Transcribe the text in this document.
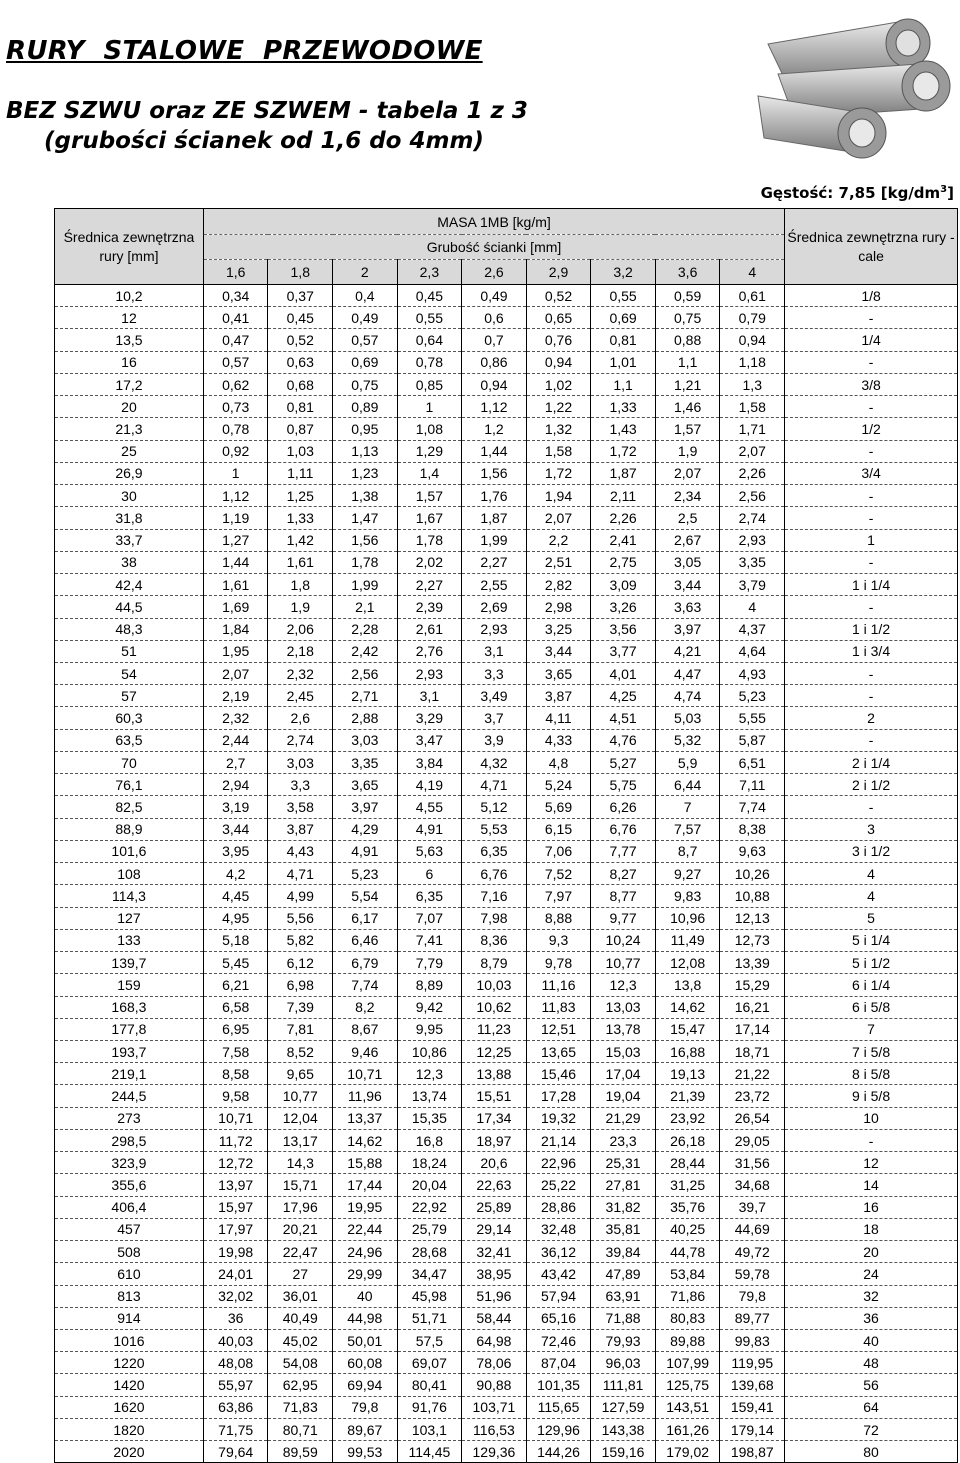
RURY  STALOWE  PRZEWODOWE
BEZ SZWU oraz ZE SZWEM - tabela 1 z 3
(grubości ścianek od 1,6 do 4mm)
Gęstość: 7,85 $[kg/dm^3]$
Średnica zewnętrzna rury [mm]	MASA 1MB [kg/m]									Średnica zewnętrzna rury - cale
	Grubość ścianki [mm]									
	1,6	1,8	2	2,3	2,6	2,9	3,2	3,6	4	
10,2	0,34	0,37	0,4	0,45	0,49	0,52	0,55	0,59	0,61	1/8
12	0,41	0,45	0,49	0,55	0,6	0,65	0,69	0,75	0,79	-
13,5	0,47	0,52	0,57	0,64	0,7	0,76	0,81	0,88	0,94	1/4
16	0,57	0,63	0,69	0,78	0,86	0,94	1,01	1,1	1,18	-
17,2	0,62	0,68	0,75	0,85	0,94	1,02	1,1	1,21	1,3	3/8
20	0,73	0,81	0,89	1	1,12	1,22	1,33	1,46	1,58	-
21,3	0,78	0,87	0,95	1,08	1,2	1,32	1,43	1,57	1,71	1/2
25	0,92	1,03	1,13	1,29	1,44	1,58	1,72	1,9	2,07	-
26,9	1	1,11	1,23	1,4	1,56	1,72	1,87	2,07	2,26	3/4
30	1,12	1,25	1,38	1,57	1,76	1,94	2,11	2,34	2,56	-
31,8	1,19	1,33	1,47	1,67	1,87	2,07	2,26	2,5	2,74	-
33,7	1,27	1,42	1,56	1,78	1,99	2,2	2,41	2,67	2,93	1
38	1,44	1,61	1,78	2,02	2,27	2,51	2,75	3,05	3,35	-
42,4	1,61	1,8	1,99	2,27	2,55	2,82	3,09	3,44	3,79	1 i 1/4
44,5	1,69	1,9	2,1	2,39	2,69	2,98	3,26	3,63	4	-
48,3	1,84	2,06	2,28	2,61	2,93	3,25	3,56	3,97	4,37	1 i 1/2
51	1,95	2,18	2,42	2,76	3,1	3,44	3,77	4,21	4,64	1 i 3/4
54	2,07	2,32	2,56	2,93	3,3	3,65	4,01	4,47	4,93	-
57	2,19	2,45	2,71	3,1	3,49	3,87	4,25	4,74	5,23	-
60,3	2,32	2,6	2,88	3,29	3,7	4,11	4,51	5,03	5,55	2
63,5	2,44	2,74	3,03	3,47	3,9	4,33	4,76	5,32	5,87	-
70	2,7	3,03	3,35	3,84	4,32	4,8	5,27	5,9	6,51	2 i 1/4
76,1	2,94	3,3	3,65	4,19	4,71	5,24	5,75	6,44	7,11	2 i 1/2
82,5	3,19	3,58	3,97	4,55	5,12	5,69	6,26	7	7,74	-
88,9	3,44	3,87	4,29	4,91	5,53	6,15	6,76	7,57	8,38	3
101,6	3,95	4,43	4,91	5,63	6,35	7,06	7,77	8,7	9,63	3 i 1/2
108	4,2	4,71	5,23	6	6,76	7,52	8,27	9,27	10,26	4
114,3	4,45	4,99	5,54	6,35	7,16	7,97	8,77	9,83	10,88	4
127	4,95	5,56	6,17	7,07	7,98	8,88	9,77	10,96	12,13	5
133	5,18	5,82	6,46	7,41	8,36	9,3	10,24	11,49	12,73	5 i 1/4
139,7	5,45	6,12	6,79	7,79	8,79	9,78	10,77	12,08	13,39	5 i 1/2
159	6,21	6,98	7,74	8,89	10,03	11,16	12,3	13,8	15,29	6 i 1/4
168,3	6,58	7,39	8,2	9,42	10,62	11,83	13,03	14,62	16,21	6 i 5/8
177,8	6,95	7,81	8,67	9,95	11,23	12,51	13,78	15,47	17,14	7
193,7	7,58	8,52	9,46	10,86	12,25	13,65	15,03	16,88	18,71	7 i 5/8
219,1	8,58	9,65	10,71	12,3	13,88	15,46	17,04	19,13	21,22	8 i 5/8
244,5	9,58	10,77	11,96	13,74	15,51	17,28	19,04	21,39	23,72	9 i 5/8
273	10,71	12,04	13,37	15,35	17,34	19,32	21,29	23,92	26,54	10
298,5	11,72	13,17	14,62	16,8	18,97	21,14	23,3	26,18	29,05	-
323,9	12,72	14,3	15,88	18,24	20,6	22,96	25,31	28,44	31,56	12
355,6	13,97	15,71	17,44	20,04	22,63	25,22	27,81	31,25	34,68	14
406,4	15,97	17,96	19,95	22,92	25,89	28,86	31,82	35,76	39,7	16
457	17,97	20,21	22,44	25,79	29,14	32,48	35,81	40,25	44,69	18
508	19,98	22,47	24,96	28,68	32,41	36,12	39,84	44,78	49,72	20
610	24,01	27	29,99	34,47	38,95	43,42	47,89	53,84	59,78	24
813	32,02	36,01	40	45,98	51,96	57,94	63,91	71,86	79,8	32
914	36	40,49	44,98	51,71	58,44	65,16	71,88	80,83	89,77	36
1016	40,03	45,02	50,01	57,5	64,98	72,46	79,93	89,88	99,83	40
1220	48,08	54,08	60,08	69,07	78,06	87,04	96,03	107,99	119,95	48
1420	55,97	62,95	69,94	80,41	90,88	101,35	111,81	125,75	139,68	56
1620	63,86	71,83	79,8	91,76	103,71	115,65	127,59	143,51	159,41	64
1820	71,75	80,71	89,67	103,1	116,53	129,96	143,38	161,26	179,14	72
2020	79,64	89,59	99,53	114,45	129,36	144,26	159,16	179,02	198,87	80
